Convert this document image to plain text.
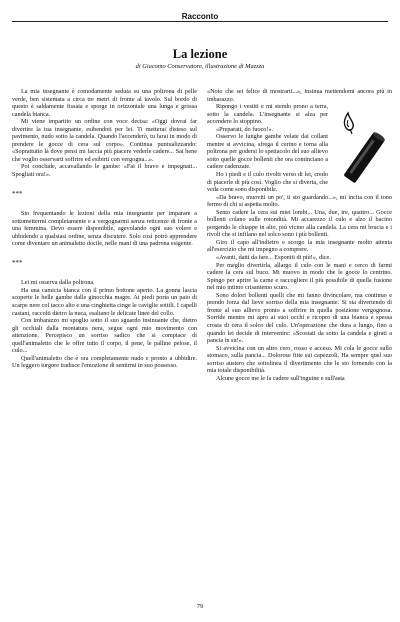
Racconto
La lezione
di Giacomo Conservatore, illustrazione di Mazzza

La mia insegnante è comodamente seduta su una poltrona di pelle verde, ben sistemata a circa tre metri di fronte al tavolo. Sul bordo di questo è saldamente fissata e sporge in orizzontale una lunga e grossa candela bianca.

Mi viene impartito un ordine con voce decisa: «Oggi dovrai far divertire la tua insegnante, esibendoti per lei. Ti metterai disteso sul pavimento, nudo sotto la candela. Quando l'accenderò, tu farai in modo di prendere le gocce di cera sul corpo». Continua puntualizzando: «Soprattutto là dove pensi mi faccia più piacere vederle cadere... Sai bene che voglio osservarti soffrire ed esibirti con vergogna...».

Poi conclude, accavallando le gambe: «Fai il bravo e impegnati... Spogliati ora!».

***

Sto frequentando le lezioni della mia insegnante per imparare a sottomettermi completamente e a vergognarmi senza reticenze di fronte a una femmina. Devo essere disponibile, agevolando ogni suo volere e ubbidendo a qualsiasi ordine, senza discutere. Solo così potrò apprendere come diventare un animaletto docile, nelle mani di una padrona esigente.

***

Lei mi osserva dalla poltrona.

Ha una camicia bianca con il primo bottone aperto. La gonna lascia scoperte le belle gambe dalle ginocchia magre. Ai piedi porta un paio di scarpe nere col tacco alto e una cinghietta cinge le caviglie sottili. I capelli castani, raccolti dietro la nuca, esaltano le delicate linee del collo.

Con imbarazzo mi spoglio sotto il suo sguardo insinuante che, dietro gli occhiali dalla montatura nera, segue ogni mio movimento con attenzione. Percepisco un sorriso sadico che si compiace di quell'animaletto che le offre tutto il corpo, il pene, le palline pelose, il culo...

Quell'animaletto che è ora completamente nudo e pronto a ubbidire. Un leggero turgore tradisce l'emozione di sentirmi in suo possesso.

«Noto che sei felice di mostrarti...», insinua mettendomi ancora più in imbarazzo.

Ripongo i vestiti e mi stendo prono a terra, sotto la candela. L'insegnante si alza per accendere lo stoppino.

«Preparati, do fuoco!».

Osservo le lunghe gambe velate dai collant mentre si avvicina, sfrega il cerino e torna alla poltrona per godersi lo spettacolo del suo allievo sotto quelle gocce bollenti che ora cominciano a cadere cadenzate.

Ho i piedi e il culo rivolti verso di lei, credo di piacerle di più così. Voglio che si diverta, che veda come sono disponibile.

«Da bravo, muoviti un po', ti sto guardando...», mi incita con il tono fermo di chi si aspetta molto.

Sento cadere la cera sui miei lombi... Una, due, tre, quattro... Gocce bollenti colano sulle rotondità. Mi accarezzo il culo e alzo il bacino porgendo le chiappe in alto, più vicino alla candela. La cera mi brucia e i rivoli che si infilano nel solco sono i più bollenti.

Giro il capo all'indietro e scorgo la mia insegnante molto attenta all'esercizio che mi impegno a comprere.

«Avanti, datti da fare... Esponiti di più!», dice.

Per meglio divertirla, allargo il culo con le mani e cerco di farmi cadere la cera sul buco. Mi muovo in modo che le gocce lo centrino. Spingo per aprire la carne e raccogliere il più possibile di quella fusione nel mio intimo crisantemo scuro.

Sono dolori bollenti quelli che mi fanno divincolare, ma continuo e prendo forza dal lieve sorriso della mia insegnante. Si sta divertendo di fronte al suo allievo pronto a soffrire in quella posizione vergognosa. Sorride mentre mi apro ai suoi occhi e ricopro di una bianca e spessa crosta di cera il solco del culo. Un'operazione che dura a lungo, fino a quando lei decide di intervenire: «Scostati da sotto la candela e girati a pancia in su!».

Si avvicina con un altro cero, rosso e acceso. Mi cola le gocce sullo stomaco, sulla pancia... Dolorose fitte sui capezzoli. Ha sempre quel suo sorriso austero che sottolinea il divertimento che le sto fornendo con la mia totale disponibilità.

Alcune gocce me le fa cadere sull'inguine e sull'asta

79
